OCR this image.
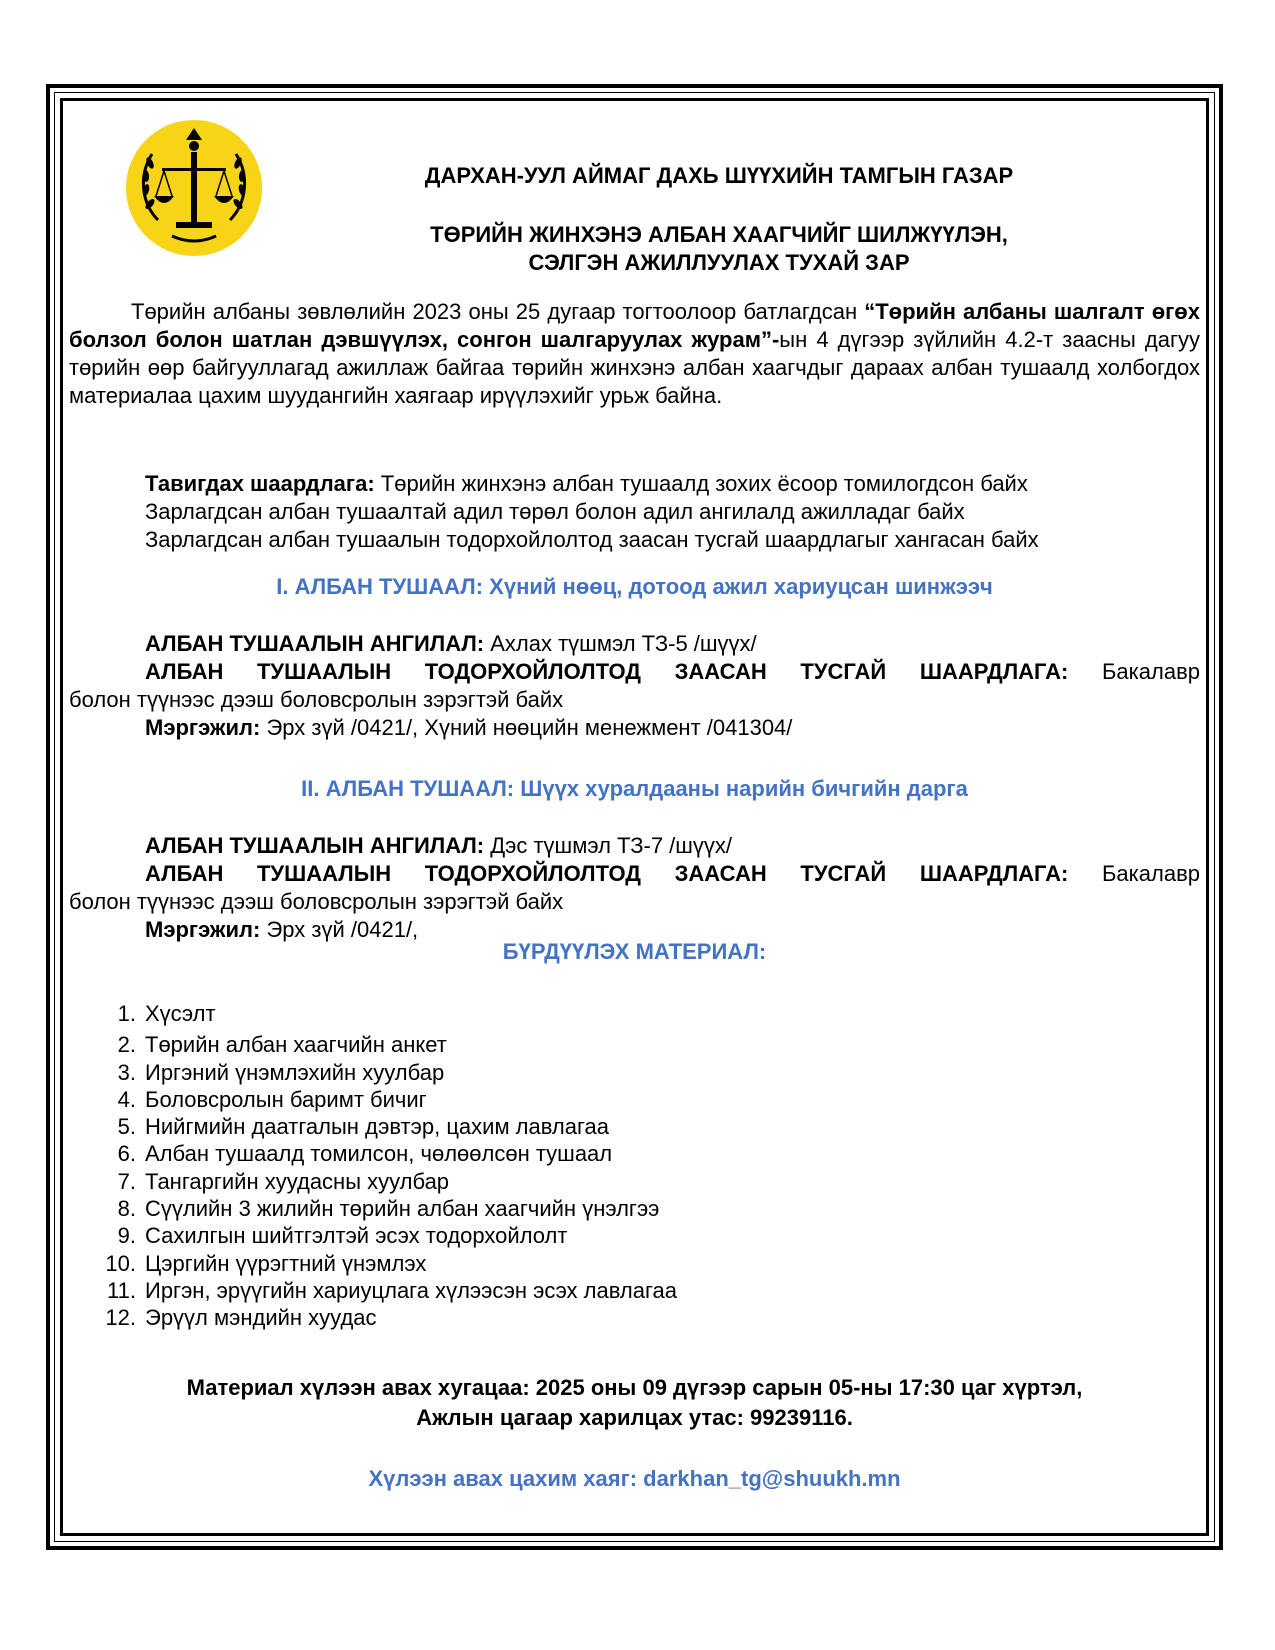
ДАРХАН-УУЛ АЙМАГ ДАХЬ ШҮҮХИЙН ТАМГЫН ГАЗАР
ТӨРИЙН ЖИНХЭНЭ АЛБАН ХААГЧИЙГ ШИЛЖҮҮЛЭН,
СЭЛГЭН АЖИЛЛУУЛАХ ТУХАЙ ЗАР
Төрийн албаны зөвлөлийн 2023 оны 25 дугаар тогтоолоор батлагдсан “Төрийн албаны шалгалт өгөх болзол болон шатлан дэвшүүлэх, сонгон шалгаруулах журам”-ын 4 дүгээр зүйлийн 4.2-т заасны дагуу төрийн өөр байгууллагад ажиллаж байгаа төрийн жинхэнэ албан хаагчдыг дараах албан тушаалд холбогдох материалаа цахим шуудангийн хаягаар ирүүлэхийг урьж байна.
Тавигдах шаардлага: Төрийн жинхэнэ албан тушаалд зохих ёсоор томилогдсон байх
Зарлагдсан албан тушаалтай адил төрөл болон адил ангилалд ажилладаг байх
Зарлагдсан албан тушаалын тодорхойлолтод заасан тусгай шаардлагыг хангасан байх
I. АЛБАН ТУШААЛ: Хүний нөөц, дотоод ажил хариуцсан шинжээч
АЛБАН ТУШААЛЫН АНГИЛАЛ: Ахлах түшмэл ТЗ-5 /шүүх/
АЛБАН ТУШААЛЫН ТОДОРХОЙЛОЛТОД ЗААСАН ТУСГАЙ ШААРДЛАГА: Бакалавр
болон түүнээс дээш боловсролын зэрэгтэй байх
Мэргэжил: Эрх зүй /0421/, Хүний нөөцийн менежмент /041304/
II. АЛБАН ТУШААЛ: Шүүх хуралдааны нарийн бичгийн дарга
АЛБАН ТУШААЛЫН АНГИЛАЛ: Дэс түшмэл ТЗ-7 /шүүх/
АЛБАН ТУШААЛЫН ТОДОРХОЙЛОЛТОД ЗААСАН ТУСГАЙ ШААРДЛАГА: Бакалавр
болон түүнээс дээш боловсролын зэрэгтэй байх
Мэргэжил: Эрх зүй /0421/,
БҮРДҮҮЛЭХ МАТЕРИАЛ:
1. Хүсэлт
2. Төрийн албан хаагчийн анкет
3. Иргэний үнэмлэхийн хуулбар
4. Боловсролын баримт бичиг
5. Нийгмийн даатгалын дэвтэр, цахим лавлагаа
6. Албан тушаалд томилсон, чөлөөлсөн тушаал
7. Тангаргийн хуудасны хуулбар
8. Сүүлийн 3 жилийн төрийн албан хаагчийн үнэлгээ
9. Сахилгын шийтгэлтэй эсэх тодорхойлолт
10. Цэргийн үүрэгтний үнэмлэх
11. Иргэн, эрүүгийн хариуцлага хүлээсэн эсэх лавлагаа
12. Эрүүл мэндийн хуудас
Материал хүлээн авах хугацаа: 2025 оны 09 дүгээр сарын 05-ны 17:30 цаг хүртэл,
Ажлын цагаар харилцах утас: 99239116.
Хүлээн авах цахим хаяг: darkhan_tg@shuukh.mn
